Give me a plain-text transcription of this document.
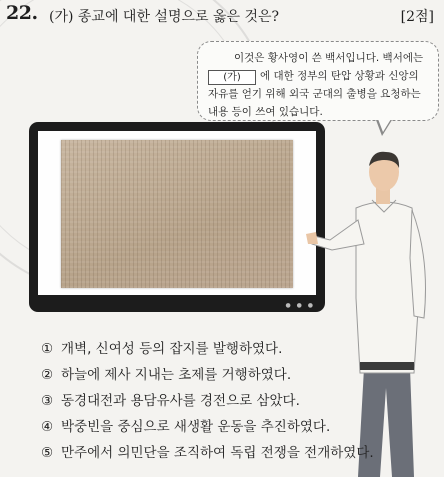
22. (가) 종교에 대한 설명으로 옳은 것은?	[2점]
이것은 황사영이 쓴 백서입니다. 백서에는
(가) 에 대한 정부의 탄압 상황과 신앙의
자유를 얻기 위해 외국 군대의 출병을 요청하는
내용 등이 쓰여 있습니다.
● ● ●
① 개벽, 신여성 등의 잡지를 발행하였다.
② 하늘에 제사 지내는 초제를 거행하였다.
③ 동경대전과 용담유사를 경전으로 삼았다.
④ 박중빈을 중심으로 새생활 운동을 추진하였다.
⑤ 만주에서 의민단을 조직하여 독립 전쟁을 전개하였다.
